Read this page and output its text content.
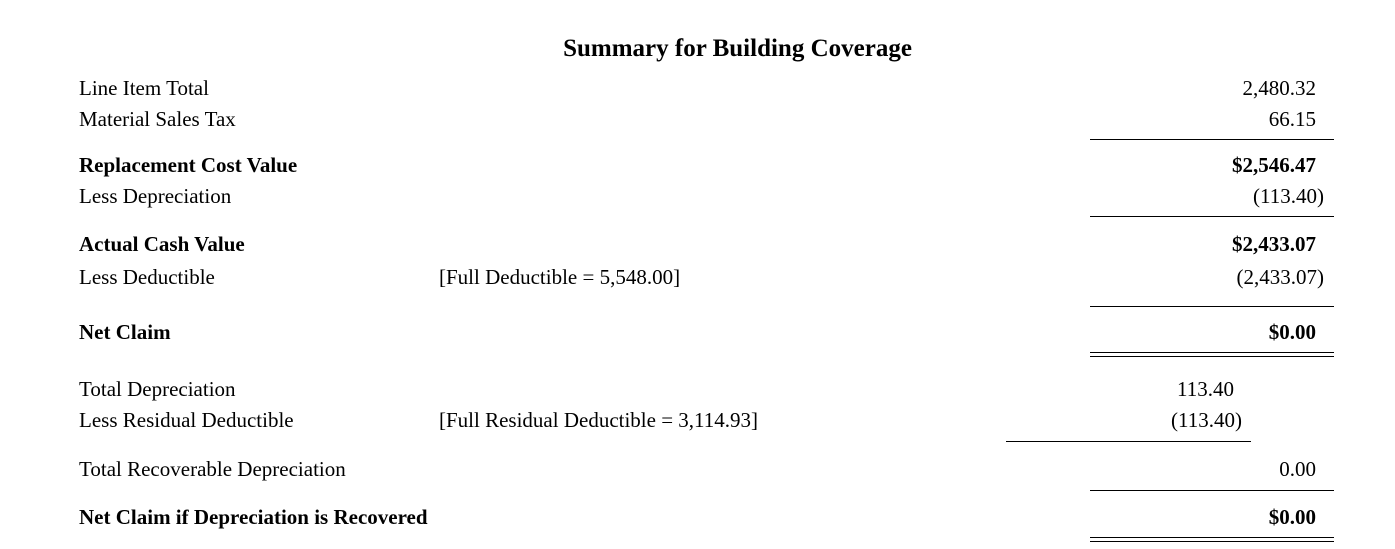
Summary for Building Coverage
Line Item Total	2,480.32
Material Sales Tax	66.15
Replacement Cost Value	$2,546.47
Less Depreciation	(113.40)
Actual Cash Value	$2,433.07
Less Deductible	[Full Deductible = 5,548.00]	(2,433.07)
Net Claim	$0.00
Total Depreciation	113.40
Less Residual Deductible	[Full Residual Deductible = 3,114.93]	(113.40)
Total Recoverable Depreciation	0.00
Net Claim if Depreciation is Recovered	$0.00
